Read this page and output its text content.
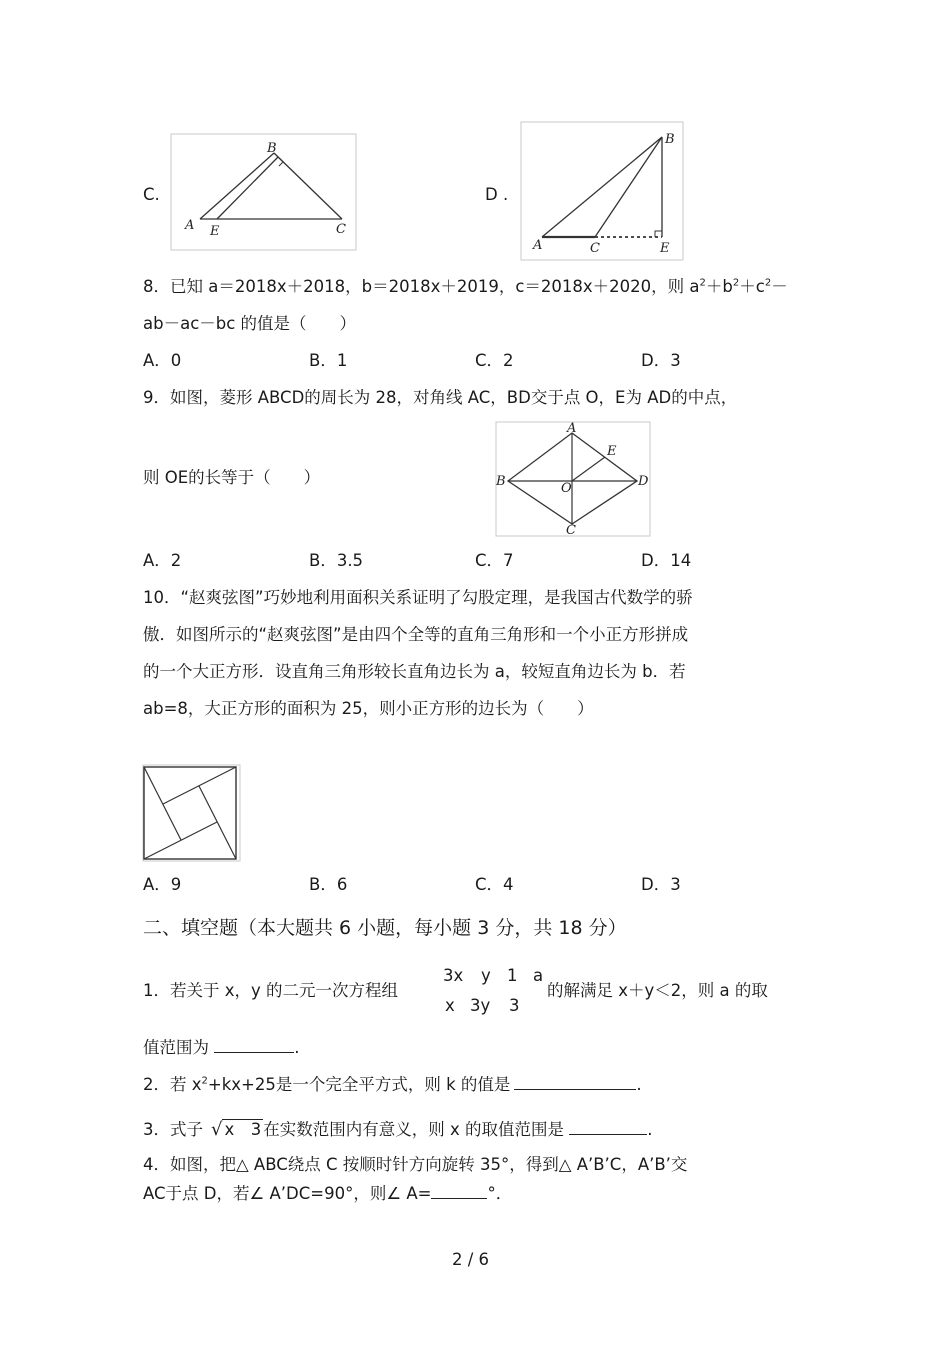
C.
A E
B
C
D .
A	C	E
B
8．已知 a＝2018x＋2018，b＝2018x＋2019，c＝2018x＋2020，则 $a^2+b^2+c^2-$
ab－ac－bc 的值是（　　）
A．0	B．1	C．2	D．3
9．如图，菱形 ABCD的周长为 28，对角线 AC，BD交于点 O，E为 AD的中点，
则 OE的长等于（　　）
A
B
C
D
E
O
A．2	B．3.5	C．7	D．14
10．“赵爽弦图”巧妙地利用面积关系证明了勾股定理，是我国古代数学的骄
傲．如图所示的“赵爽弦图”是由四个全等的直角三角形和一个小正方形拼成
的一个大正方形．设直角三角形较长直角边长为 a，较短直角边长为 b．若
ab=8，大正方形的面积为 25，则小正方形的边长为（　　）
A．9	B．6	C．4	D．3
二、填空题（本大题共 6 小题，每小题 3 分，共 18 分）
1．若关于 x，y 的二元一次方程组
3x y 1 a
x 3y 3
的解满足 x＋y＜2，则 a 的取
值范围为	.
2．若 $x^2+kx+25$是一个完全平方式，则 k 的值是	.
3．式子 √ x　3 在实数范围内有意义，则 x 的取值范围是	.
4．如图，把△ ABC绕点 C 按顺时针方向旋转 35°，得到△ A’B’C，A’B’交
AC于点 D，若∠ A’DC=90°，则∠ A=	°．
2 / 6
